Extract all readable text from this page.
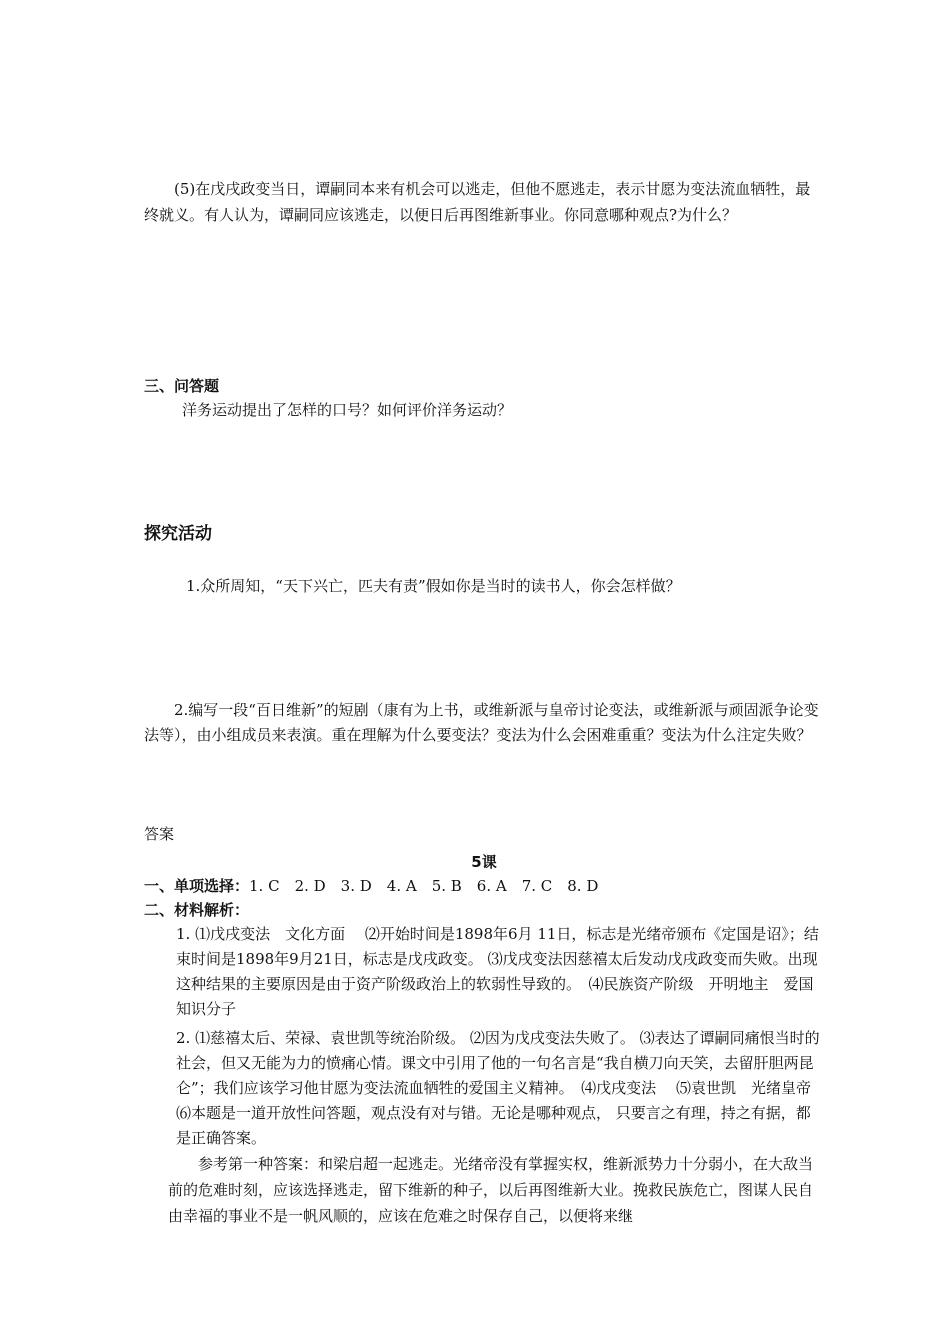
(5)在戊戌政变当日，谭嗣同本来有机会可以逃走，但他不愿逃走，表示甘愿为变法流血牺牲，最终就义。有人认为，谭嗣同应该逃走，以便日后再图维新事业。你同意哪种观点?为什么？

三、问答题

洋务运动提出了怎样的口号？如何评价洋务运动？

探究活动

1.众所周知，“天下兴亡，匹夫有责”假如你是当时的读书人，你会怎样做？

2.编写一段“百日维新”的短剧（康有为上书，或维新派与皇帝讨论变法，或维新派与顽固派争论变法等），由小组成员来表演。重在理解为什么要变法？变法为什么会困难重重？变法为什么注定失败？

答案

5课

一、单项选择：1. C　2. D　3. D　4. A　5. B　6. A　7. C　8. D

二、材料解析：

1. ⑴戊戌变法　文化方面　 ⑵开始时间是1898年6月 11日，标志是光绪帝颁布《定国是诏》；结束时间是1898年9月21日，标志是戊戌政变。 ⑶戊戌变法因慈禧太后发动戊戌政变而失败。出现这种结果的主要原因是由于资产阶级政治上的软弱性导致的。　⑷民族资产阶级　开明地主　爱国知识分子

2. ⑴慈禧太后、荣禄、袁世凯等统治阶级。 ⑵因为戊戌变法失败了。 ⑶表达了谭嗣同痛恨当时的社会，但又无能为力的愤痛心情。课文中引用了他的一句名言是“我自横刀向天笑，去留肝胆两昆仑”；我们应该学习他甘愿为变法流血牺牲的爱国主义精神。　⑷戊戌变法　 ⑸袁世凯　光绪皇帝　⑹本题是一道开放性问答题，观点没有对与错。无论是哪种观点， 只要言之有理，持之有据，都是正确答案。

参考第一种答案：和梁启超一起逃走。光绪帝没有掌握实权，维新派势力十分弱小，在大敌当前的危难时刻，应该选择逃走，留下维新的种子，以后再图维新大业。挽救民族危亡，图谋人民自由幸福的事业不是一帆风顺的，应该在危难之时保存自己，以便将来继
